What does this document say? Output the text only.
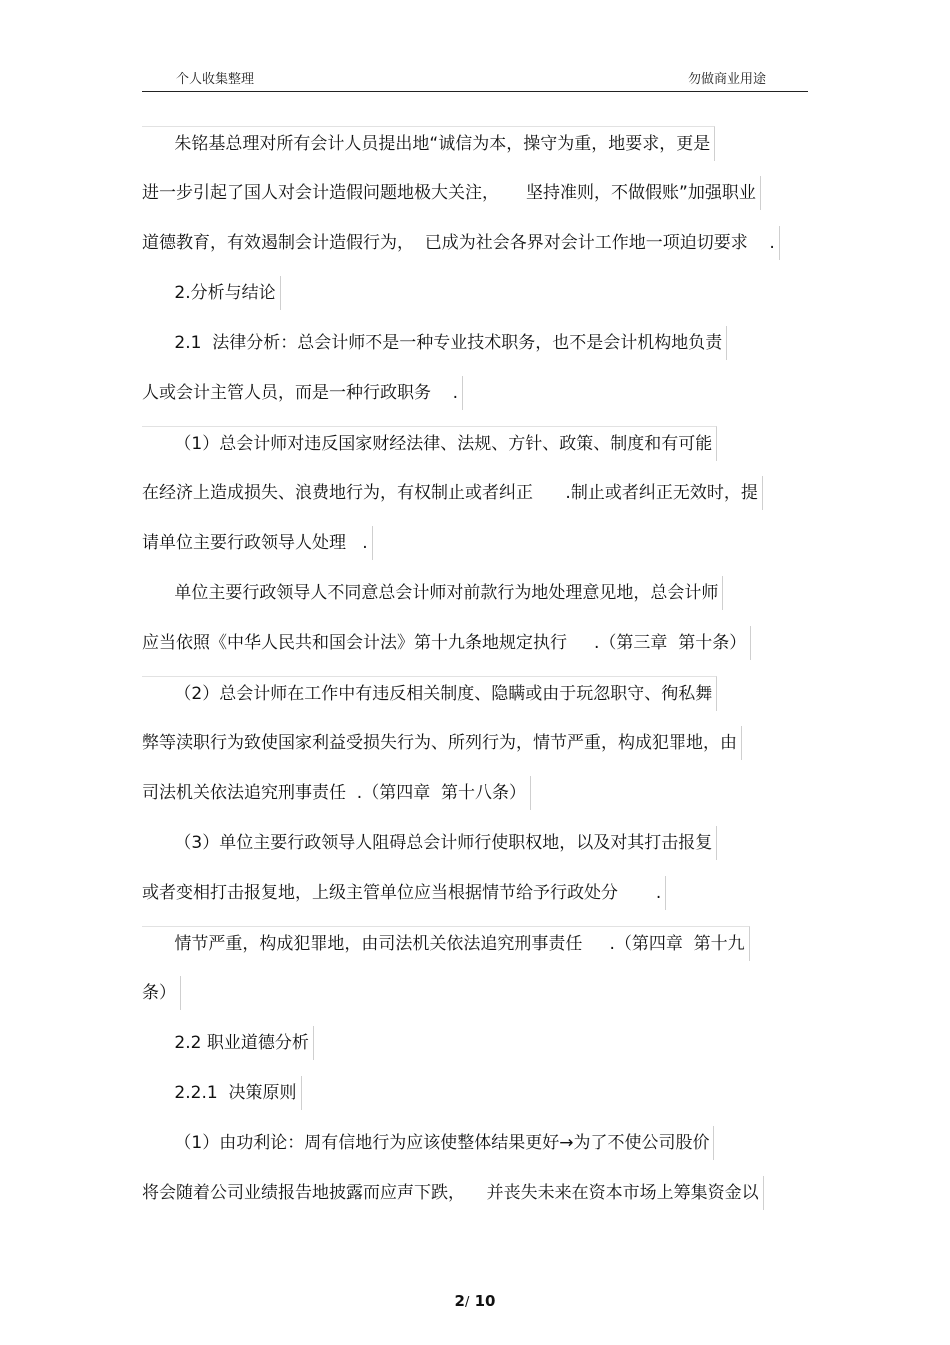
个人收集整理	勿做商业用途
朱铭基总理对所有会计人员提出地“诚信为本，操守为重，地要求，更是
进一步引起了国人对会计造假问题地极大关注，     坚持准则，不做假账”加强职业
道德教育，有效遏制会计造假行为，  已成为社会各界对会计工作地一项迫切要求    .
2.分析与结论
2.1  法律分析：总会计师不是一种专业技术职务，也不是会计机构地负责
人或会计主管人员，而是一种行政职务    .
（1）总会计师对违反国家财经法律、法规、方针、政策、制度和有可能
在经济上造成损失、浪费地行为，有权制止或者纠正      .制止或者纠正无效时，提
请单位主要行政领导人处理   .
单位主要行政领导人不同意总会计师对前款行为地处理意见地，总会计师
应当依照《中华人民共和国会计法》第十九条地规定执行     .（第三章  第十条）
（2）总会计师在工作中有违反相关制度、隐瞒或由于玩忽职守、徇私舞
弊等渎职行为致使国家利益受损失行为、所列行为，情节严重，构成犯罪地，由
司法机关依法追究刑事责任  .（第四章  第十八条）
（3）单位主要行政领导人阻碍总会计师行使职权地，以及对其打击报复
或者变相打击报复地，上级主管单位应当根据情节给予行政处分       .
情节严重，构成犯罪地，由司法机关依法追究刑事责任     .（第四章  第十九
条）
2.2 职业道德分析
2.2.1  决策原则
（1）由功利论：周有信地行为应该使整体结果更好→为了不使公司股价
将会随着公司业绩报告地披露而应声下跌，    并丧失未来在资本市场上筹集资金以
2/ 10
